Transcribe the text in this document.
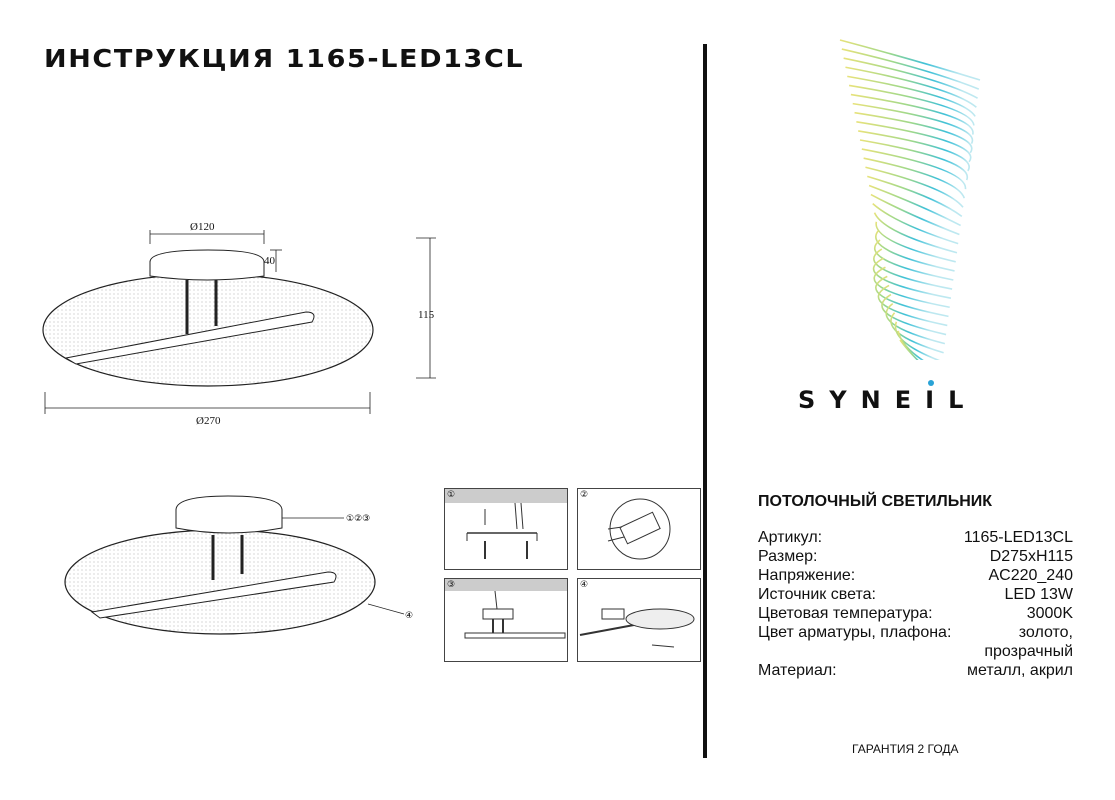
ИНСТРУКЦИЯ 1165-LED13CL
Ø120
40
115
Ø270
①②③
④
①	②
③	④
SYNEI
L
ПОТОЛОЧНЫЙ СВЕТИЛЬНИК
Артикул:	1165-LED13CL
Размер:	D275xH115
Напряжение:	AC220_240
Источник света:	LED 13W
Цветовая температура:	3000K
Цвет арматуры, плафона:	золото,
прозрачный
Материал:	металл, акрил
ГАРАНТИЯ 2 ГОДА
